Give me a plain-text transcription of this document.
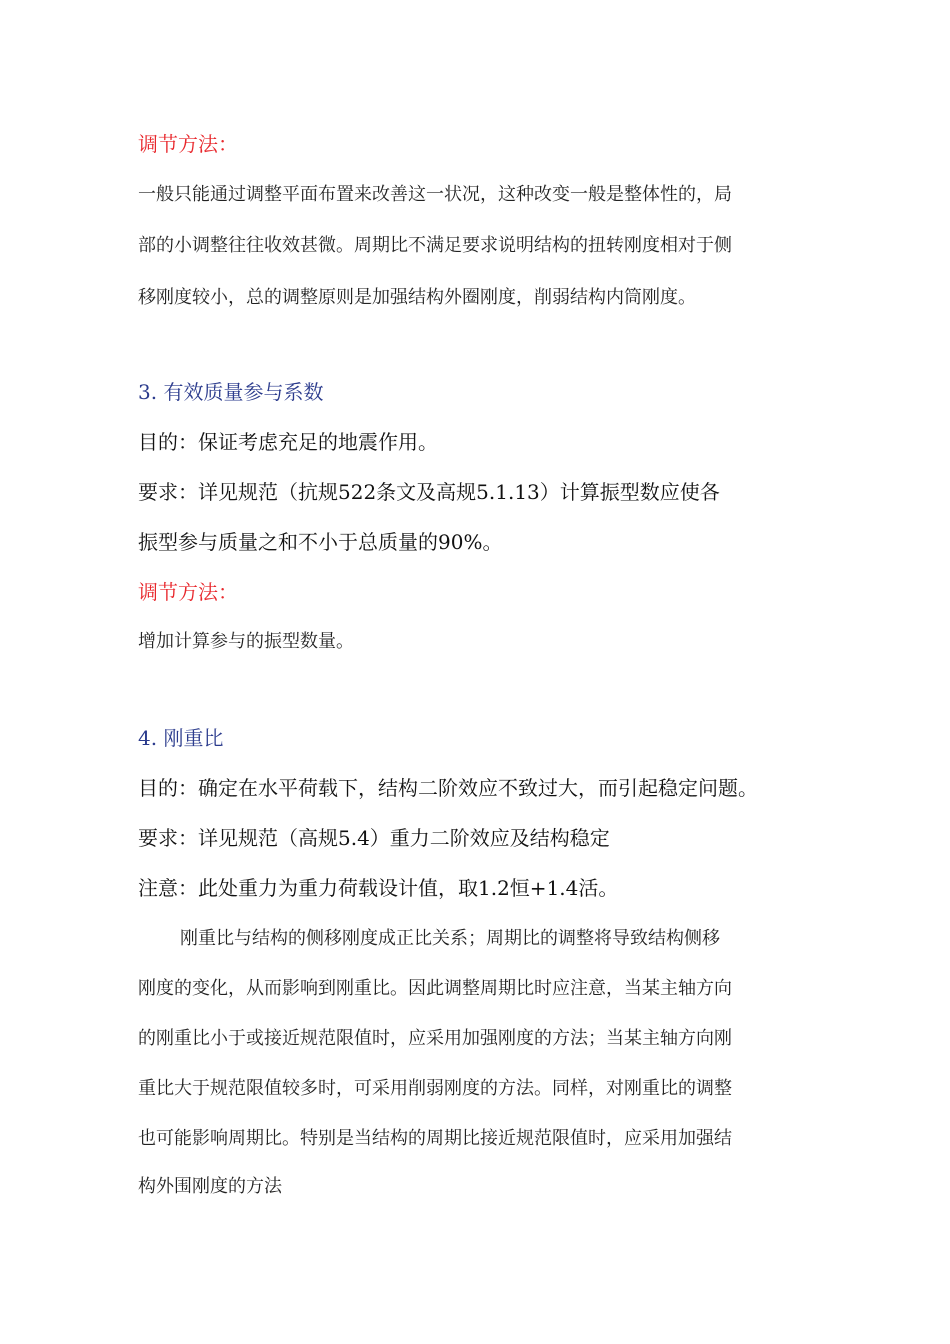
调节方法：
一般只能通过调整平面布置来改善这一状况，这种改变一般是整体性的，局
部的小调整往往收效甚微。周期比不满足要求说明结构的扭转刚度相对于侧
移刚度较小，总的调整原则是加强结构外圈刚度，削弱结构内筒刚度。
3. 有效质量参与系数
目的：保证考虑充足的地震作用。
要求：详见规范（抗规522条文及高规5.1.13）计算振型数应使各
振型参与质量之和不小于总质量的90%。
调节方法：
增加计算参与的振型数量。
4. 刚重比
目的：确定在水平荷载下，结构二阶效应不致过大，而引起稳定问题。
要求：详见规范（高规5.4）重力二阶效应及结构稳定
注意：此处重力为重力荷载设计值，取1.2恒+1.4活。
刚重比与结构的侧移刚度成正比关系；周期比的调整将导致结构侧移
刚度的变化，从而影响到刚重比。因此调整周期比时应注意，当某主轴方向
的刚重比小于或接近规范限值时，应采用加强刚度的方法；当某主轴方向刚
重比大于规范限值较多时，可采用削弱刚度的方法。同样，对刚重比的调整
也可能影响周期比。特别是当结构的周期比接近规范限值时，应采用加强结
构外围刚度的方法
